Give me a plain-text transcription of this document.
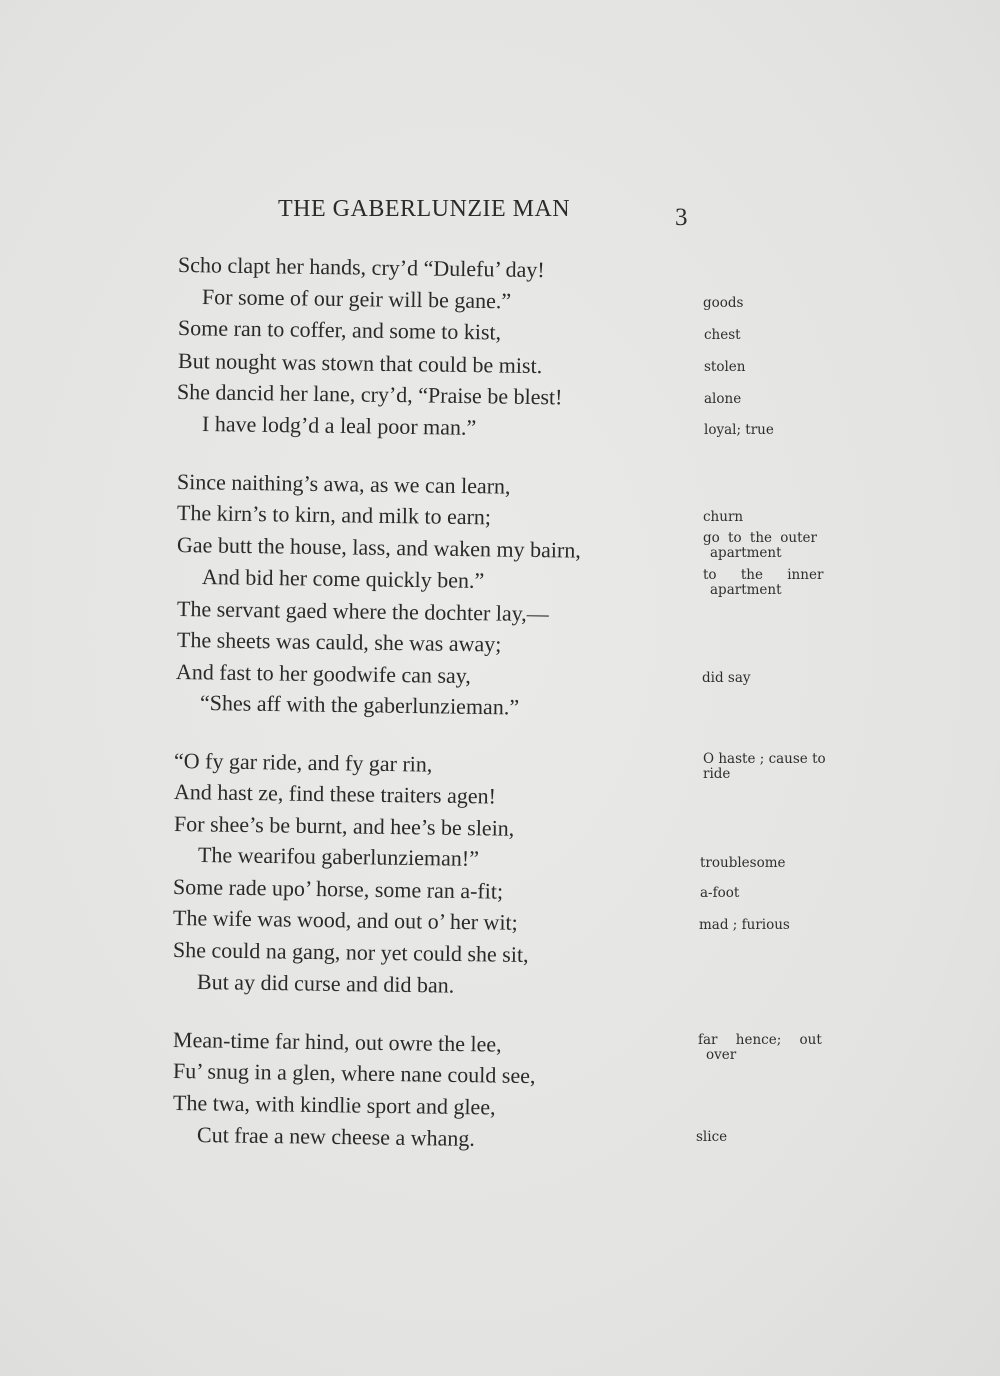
THE GABERLUNZIE MAN	3
Scho clapt her hands, cry’d “Dulefu’ day!
For some of our geir will be gane.”
Some ran to coffer, and some to kist,
But nought was stown that could be mist.
She dancid her lane, cry’d, “Praise be blest!
I have lodg’d a leal poor man.”
Since naithing’s awa, as we can learn,
The kirn’s to kirn, and milk to earn;
Gae butt the house, lass, and waken my bairn,
And bid her come quickly ben.”
The servant gaed where the dochter lay,—
The sheets was cauld, she was away;
And fast to her goodwife can say,
“Shes aff with the gaberlunzieman.”
“O fy gar ride, and fy gar rin,
And hast ze, find these traiters agen!
For shee’s be burnt, and hee’s be slein,
The wearifou gaberlunzieman!”
Some rade upo’ horse, some ran a-fit;
The wife was wood, and out o’ her wit;
She could na gang, nor yet could she sit,
But ay did curse and did ban.
Mean-time far hind, out owre the lee,
Fu’ snug in a glen, where nane could see,
The twa, with kindlie sport and glee,
Cut frae a new cheese a whang.
goods
chest
stolen
alone
loyal; true
churn
go to the outer
apartment
to the inner
apartment
did say
O haste ; cause to
ride
troublesome
a-foot
mad ; furious
far hence; out
over
slice
